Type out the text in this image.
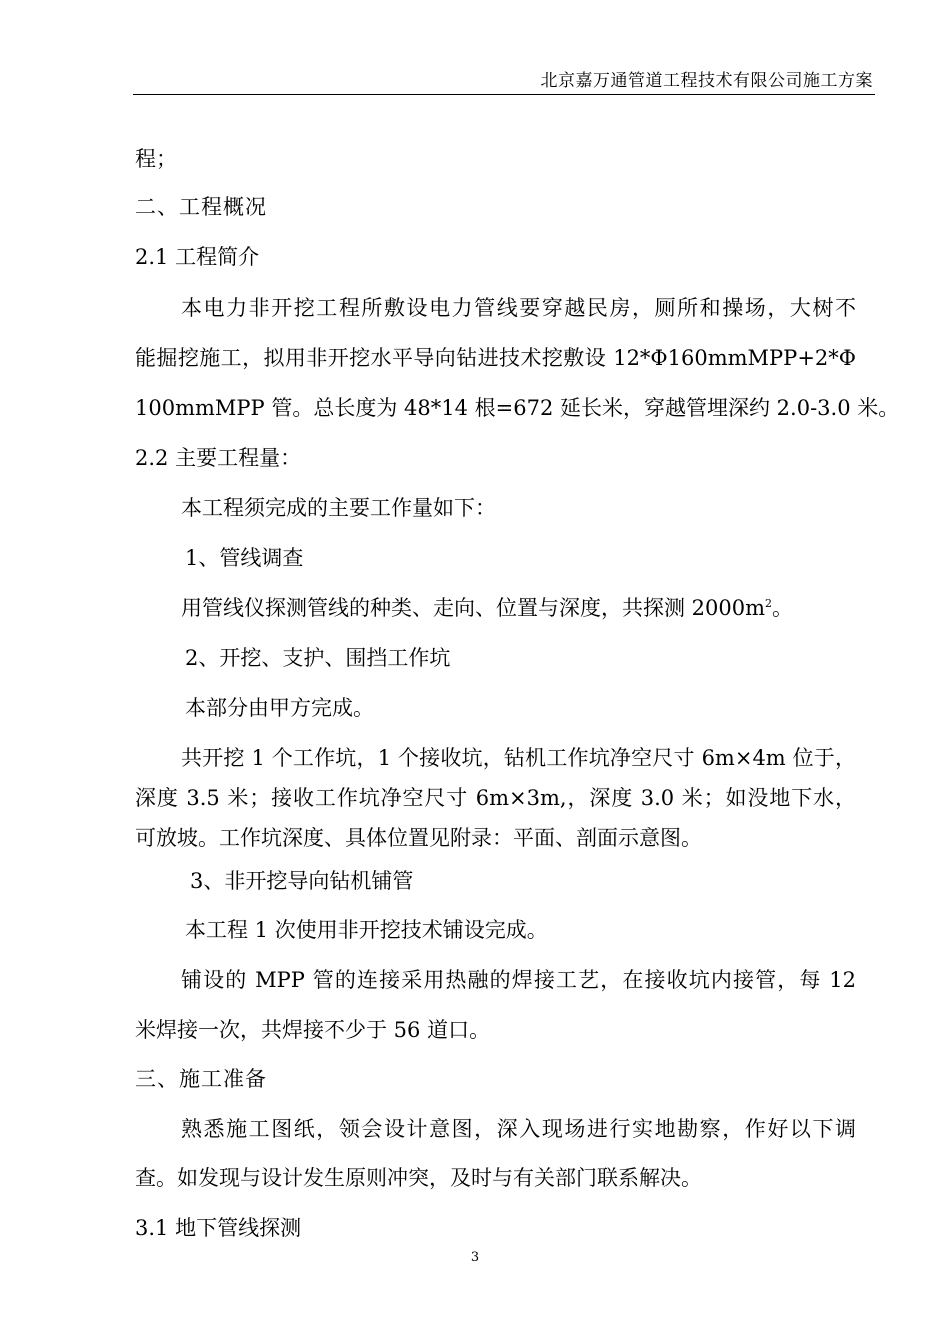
北京嘉万通管道工程技术有限公司施工方案
程；
二、工程概况
2.1 工程简介
本电力非开挖工程所敷设电力管线要穿越民房，厕所和操场，大树不
能掘挖施工，拟用非开挖水平导向钻进技术挖敷设 12*Φ160mmMPP+2*Φ
100mmMPP 管。总长度为 48*14 根=672 延长米，穿越管埋深约 2.0-3.0 米。
2.2 主要工程量：
本工程须完成的主要工作量如下：
1、管线调查
用管线仪探测管线的种类、走向、位置与深度，共探测 $2000m^2$。
2、开挖、支护、围挡工作坑
本部分由甲方完成。
共开挖 1 个工作坑，1 个接收坑，钻机工作坑净空尺寸 6m×4m 位于，
深度 3.5 米；接收工作坑净空尺寸 6m×3m,，深度 3.0 米；如没地下水，
可放坡。工作坑深度、具体位置见附录：平面、剖面示意图。
3、非开挖导向钻机铺管
本工程 1 次使用非开挖技术铺设完成。
铺设的 MPP 管的连接采用热融的焊接工艺，在接收坑内接管，每 12
米焊接一次，共焊接不少于 56 道口。
三、施工准备
熟悉施工图纸，领会设计意图，深入现场进行实地勘察，作好以下调
查。如发现与设计发生原则冲突，及时与有关部门联系解决。
3.1 地下管线探测
3
